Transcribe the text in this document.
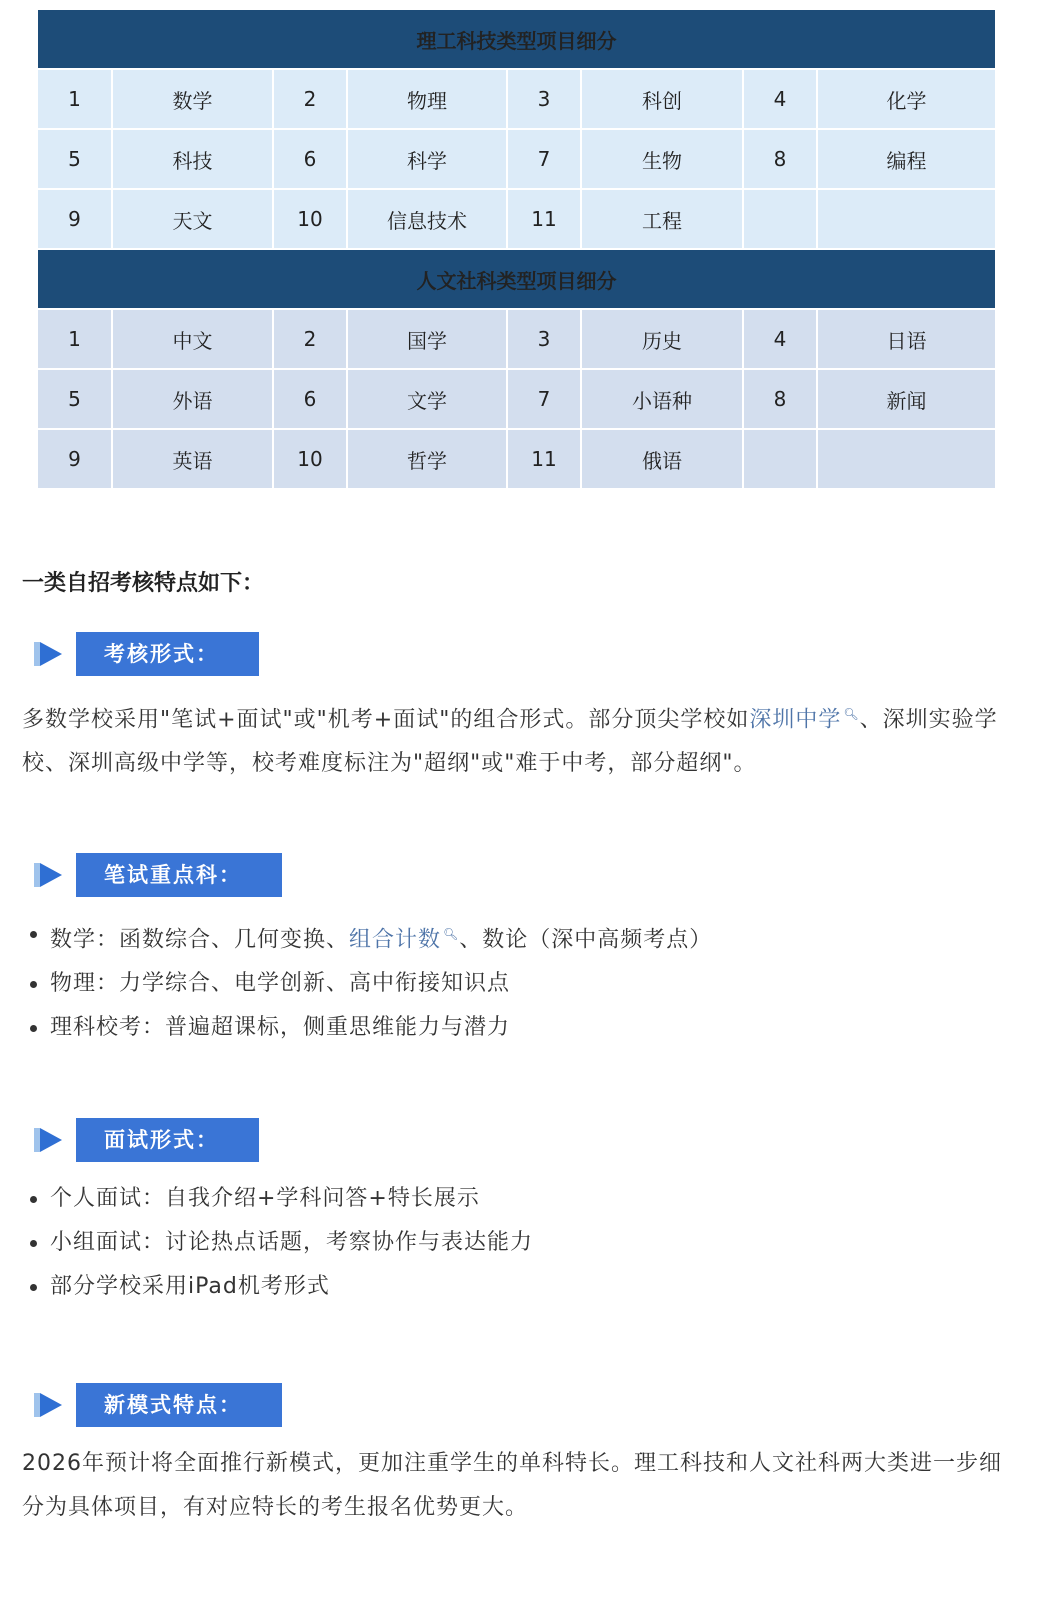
理工科技类型项目细分							
1	数学	2	物理	3	科创	4	化学
5	科技	6	科学	7	生物	8	编程
9	天文	10	信息技术	11	工程		
人文社科类型项目细分							
1	中文	2	国学	3	历史	4	日语
5	外语	6	文学	7	小语种	8	新闻
9	英语	10	哲学	11	俄语		
一类自招考核特点如下：
考核形式：
多数学校采用"笔试+面试"或"机考+面试"的组合形式。部分顶尖学校如深圳中学 🔍︎、深圳实验学校、深圳高级中学等，校考难度标注为"超纲"或"难于中考，部分超纲"。
笔试重点科：
数学：函数综合、几何变换、组合计数 🔍︎、数论（深中高频考点）
物理：力学综合、电学创新、高中衔接知识点
理科校考：普遍超课标，侧重思维能力与潜力
面试形式：
个人面试：自我介绍+学科问答+特长展示
小组面试：讨论热点话题，考察协作与表达能力
部分学校采用iPad机考形式
新模式特点：
2026年预计将全面推行新模式，更加注重学生的单科特长。理工科技和人文社科两大类进一步细分为具体项目，有对应特长的考生报名优势更大。
